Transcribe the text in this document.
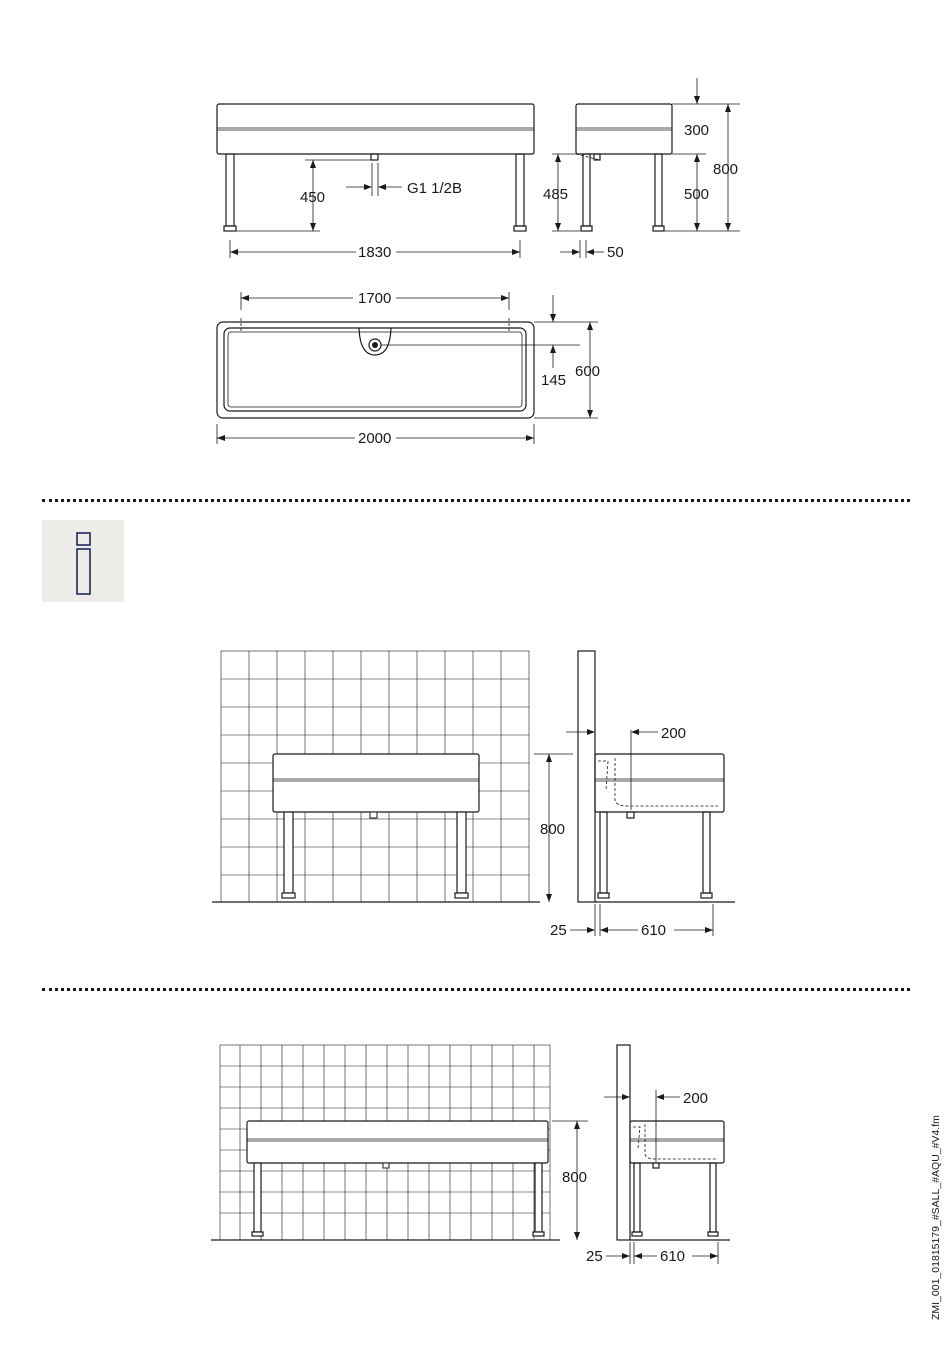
450
G1 1/2B
1830
300
500
800
485
50
1700
145
600
2000
800
200
25	610
800
200
25	610	ZMI_001_01815179_#SALL_#AQU_#V4.fm
